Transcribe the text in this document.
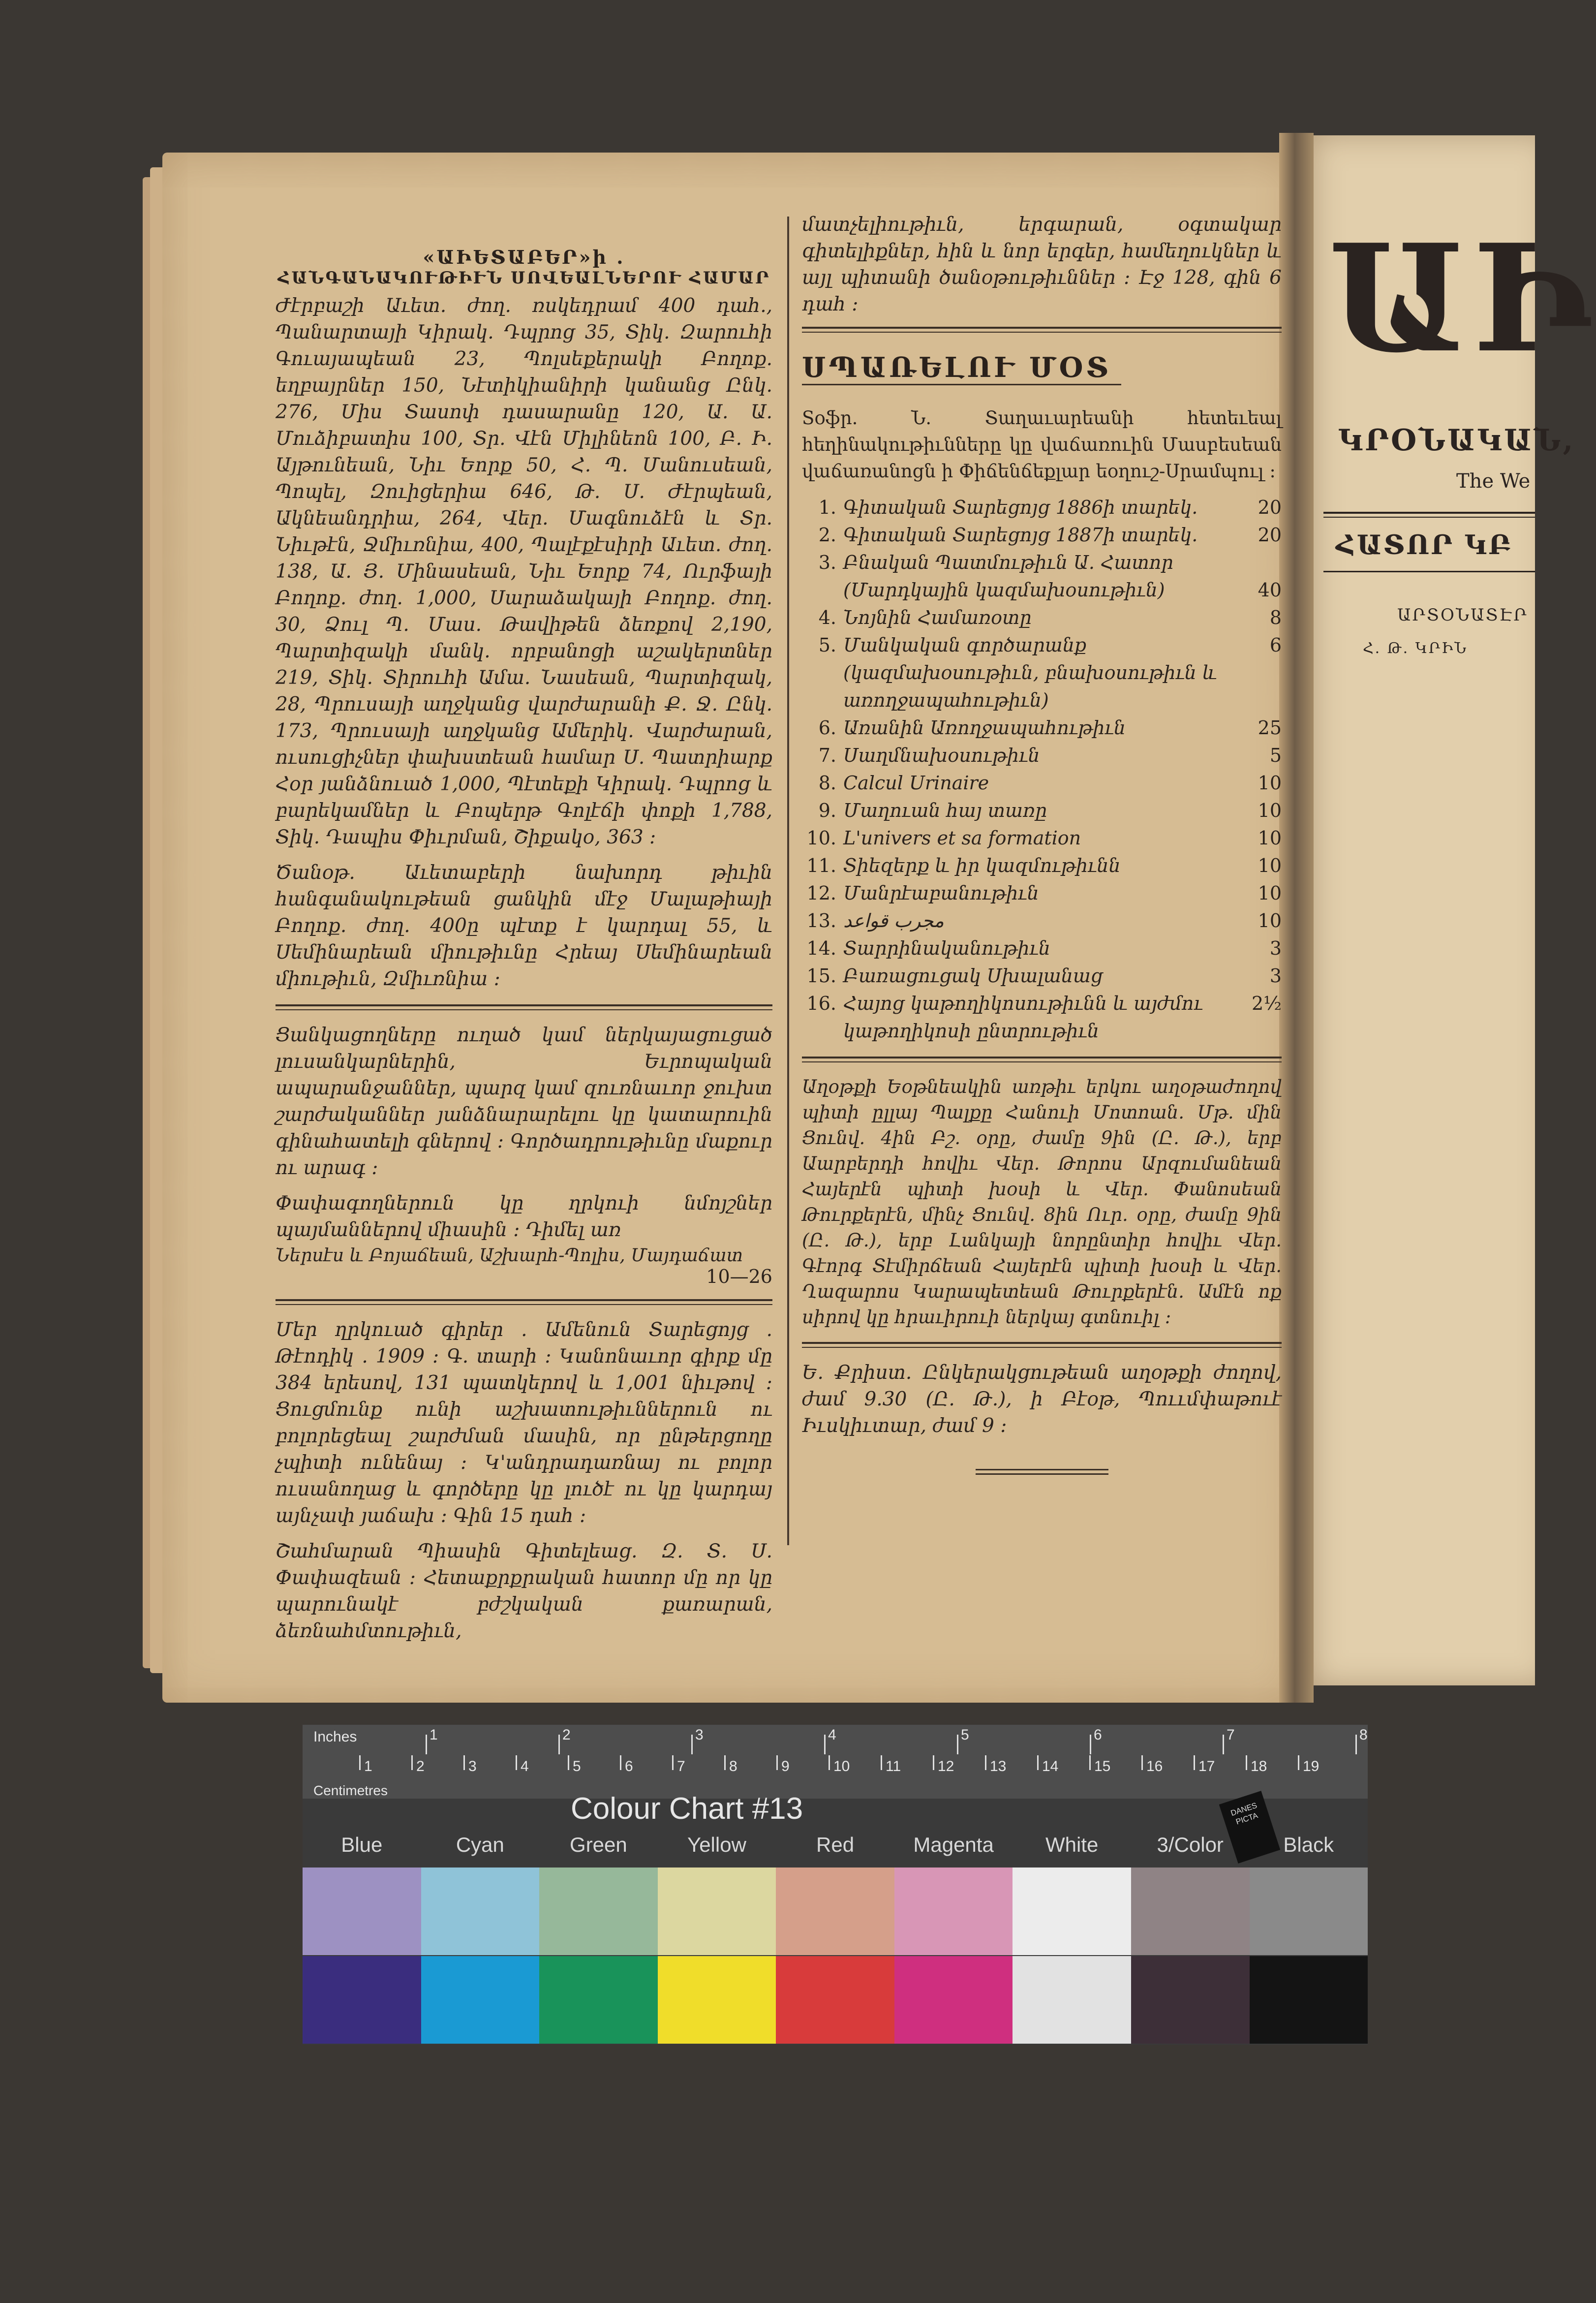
«ԱԻԵՏԱԲԵՐ»ի .

ՀԱՆԳԱՆԱԿՈՒԹԻՒՆ ՍՈՎԵԱԼՆԵՐՈՒ ՀԱՄԱՐ

Ժէրբաշի Աւետ. ժող. ռսկեդրամ 400 դահ., Պանարտայի Կիրակ. Դպրոց 35, Տիկ. Զարուհի Գուայապեան 23, Պոլսեքերակի Բողոք. եղբայրներ 150, Նէտիկիանիրի կանանց Ընկ. 276, Միս Տասոփ դասարանը 120, Ա. Ա. Մուձիբատիս 100, Տր. Վէն Միլինեոն 100, Բ. Ի. Այթունեան, Նիւ Եորք 50, Հ. Պ. Մանուսեան, Պոպել, Զուիցերիա 646, Թ. Ս. Ժէրպեան, Ակնեանդրիա, 264, Վեր. Մագնուձէն և Տր. Նիւթէն, Ջմիւռնիա, 400, Պալէքէսիրի Աւետ. ժող. 138, Ա. Յ. Մինասեան, Նիւ Եորք 74, Ուրֆայի Բողոք. ժող. 1,000, Սարաձակայի Բողոք. ժող. 30, Ձուլ Պ. Մաս. Թավիթեն ձեռքով 2,190, Պարտիզակի մանկ. որբանոցի աշակերտներ 219, Տիկ. Տիրուհի Ամա. Նասեան, Պարտիզակ, 28, Պրուսայի աղջկանց վարժարանի Ք. Ջ. Ընկ. 173, Պրուսայի աղջկանց Ամերիկ. Վարժարան, ուսուցիչներ փախստեան համար Ս. Պատրիարք Հօր յանձնուած 1,000, Պէտեքի Կիրակ. Դպրոց և բարեկամներ և Բոպերթ Գոլէճի փոքի 1,788, Տիկ. Դապիս Փիւրման, Շիքակօ, 363 ։

Ծանօթ. Աւետաբերի նախորդ թիւին հանգանակութեան ցանկին մէջ Մալաթիայի Բողոք. ժող. 400ը պէտք է կարդալ 55, և Սեմինարեան միութիւնը Հրեայ Սեմինարեան միութիւն, Զմիւռնիա ։

Ցանկացողները ուղած կամ ներկայացուցած լուսանկարներին, Եւրոպական ապարանջաններ, պարզ կամ զուռնաւոր ջուխտ շարժականներ յանձնարարելու կը կատարուին գինահատելի գներով ։ Գործադրութիւնը մաքուր ու արագ ։

Փափագողներուն կը ղրկուի նմոյշներ պայմաններով միասին ։ Դիմել առ

Ներսէս և Բոյաճեան, Աշխարհ-Պոլիս, Մայդաճատ

10—26

Մեր ղրկուած գիրեր . Ամենուն Տարեցոյց . Թէոդիկ . 1909 ։ Գ. տարի ։ Կանոնաւոր գիրք մը 384 երեսով, 131 պատկերով և 1,001 նիւթով ։ Ցուցմունք ունի աշխատութիւններուն ու բոլորեցեալ շարժման մասին, որ ընթերցողը չպիտի ունենայ ։ Կ'անդրադառնայ ու բոլոր ուսանողաց և գործերը կը լուծէ ու կը կարդայ այնչափ յաճախ ։ Գին 15 դահ ։

Շահմարան Պիասին Գիտելեաց. Զ. Տ. Ս. Փափազեան ։ Հետաքրքրական հատոր մը որ կը պարունակէ բժշկական քառարան, ձեռնահմտութիւն,

մատչելիութիւն, երգարան, օգտակար գիտելիքներ, հին և նոր երգեր, համեղուկներ և այլ պիտանի ծանօթութիւններ ։ Էջ 128, գին 6 դահ ։

ՍՊԱՌԵԼՈՒ ՄՕՏ

Sօֆր. Ն. Տաղաւարեանի հետեւեալ հեղինակութիւնները կը վաճառուին Մասբեսեան վաճառանոցն ի Փիճենճեքլար եօղուշ-Սրամպուլ ։

1. Գիտական Տարեցոյց 1886ի տարեկ.	20
2. Գիտական Տարեցոյց 1887ի տարեկ.	20
3. Բնական Պատմութիւն Ա. Հատոր
(Մարդկային կազմախօսութիւն)	40
4. Նոյնին Համառօտը	8
5. Մանկական գործարանք (կազմախօսութիւն, բնախօսութիւն և առողջապահութիւն)
6
6. Առանին Առողջապահութիւն	25
7. Սաղմնախօսութիւն	5
8. Calcul Urinaire	10
9. Մաղուան հայ տառը	10
10. L'univers et sa formation	10
11. Տիեզերք և իր կազմութիւնն	10
12. Մանրէաբանութիւն	10
13. مجرب قواعد	10
14. Տարրինականութիւն	3
15. Բառացուցակ Սխալանաց	3
16. Հայոց կաթողիկոսութիւնն և այժմու կաթողիկոսի ընտրութիւն
2½

Աղօթքի Եօթնեակին առթիւ երկու աղօթաժողով պիտի ըլլայ Պալքը Հանուի Մոտոան. Մթ. մին Ցունվ. 4ին Բշ. օրը, ժամը 9ին (Ը. Թ.), երբ Աարբերդի հովիւ Վեր. Թորոս Արզումանեան Հայերէն պիտի խօսի և Վեր. Փանոսեան Թուրքերէն, մինչ Ցունվ. 8ին Ուր. օրը, ժամը 9ին (Ը. Թ.), երբ Լանկայի նորընտիր հովիւ Վեր. Գէորգ Տէմիրճեան Հայերէն պիտի խօսի և Վեր. Ղազարոս Կարապետեան Թուրքերէն. Ամէն ոք սիրով կը հրաւիրուի ներկայ գտնուիլ ։

Ե. Քրիստ. Ընկերակցութեան աղօթքի ժողով, ժամ 9.30 (Ը. Թ.), ի Բէօթ, Պոււմփաթուէ Իւսկիւտար, ժամ 9 ։

ԱԻ
ԿՐՕՆԱԿԱՆ,
The We
ՀԱՏՈՐ ԿԲ
ԱՐՏՕՆԱՏԷՐ
Հ. Թ. ԿՐԻՆ
Inches
Centimetres
1	2	3	4	5	6	7	8
1	2	3	4	5	6	7	8	9	10 11 12 13 14 15 16 17 18 19
Colour Chart #13	DANES PICTA
Blue	Cyan	Green	Yellow	Red	Magenta	White	3/Color	Black
